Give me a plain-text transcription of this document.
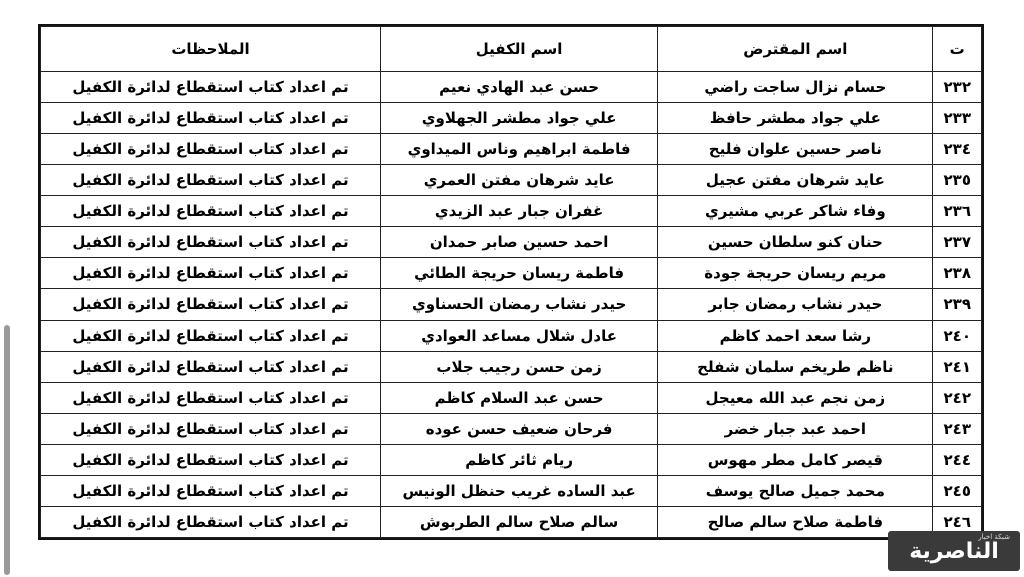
ت	اسم المقترض	اسم الكفيل	الملاحظات
٢٣٢	حسام نزال ساجت راضي	حسن عبد الهادي نعيم	تم اعداد كتاب استقطاع لدائرة الكفيل
٢٣٣	علي جواد مطشر حافظ	علي جواد مطشر الجهلاوي	تم اعداد كتاب استقطاع لدائرة الكفيل
٢٣٤	ناصر حسين علوان فليح	فاطمة ابراهيم وناس الميداوي	تم اعداد كتاب استقطاع لدائرة الكفيل
٢٣٥	عايد شرهان مفتن عجيل	عايد شرهان مفتن العمري	تم اعداد كتاب استقطاع لدائرة الكفيل
٢٣٦	وفاء شاكر عربي مشيري	غفران جبار عبد الزيدي	تم اعداد كتاب استقطاع لدائرة الكفيل
٢٣٧	حنان كنو سلطان حسين	احمد حسين صابر حمدان	تم اعداد كتاب استقطاع لدائرة الكفيل
٢٣٨	مريم ريسان حريجة جودة	فاطمة ريسان حريجة الطائي	تم اعداد كتاب استقطاع لدائرة الكفيل
٢٣٩	حيدر نشاب رمضان جابر	حيدر نشاب رمضان الحسناوي	تم اعداد كتاب استقطاع لدائرة الكفيل
٢٤٠	رشا سعد احمد كاظم	عادل شلال مساعد العوادي	تم اعداد كتاب استقطاع لدائرة الكفيل
٢٤١	ناظم طريخم سلمان شفلح	زمن حسن رجيب جلاب	تم اعداد كتاب استقطاع لدائرة الكفيل
٢٤٢	زمن نجم عبد الله معيجل	حسن عبد السلام كاظم	تم اعداد كتاب استقطاع لدائرة الكفيل
٢٤٣	احمد عبد جبار خضر	فرحان ضعيف حسن عوده	تم اعداد كتاب استقطاع لدائرة الكفيل
٢٤٤	قيصر كامل مطر مهوس	ريام ثائر كاظم	تم اعداد كتاب استقطاع لدائرة الكفيل
٢٤٥	محمد جميل صالح يوسف	عبد الساده غريب حنظل الونيس	تم اعداد كتاب استقطاع لدائرة الكفيل
٢٤٦	فاطمة صلاح سالم صالح	سالم صلاح سالم الطربوش	تم اعداد كتاب استقطاع لدائرة الكفيل
شبكة اخبار
الناصرية
